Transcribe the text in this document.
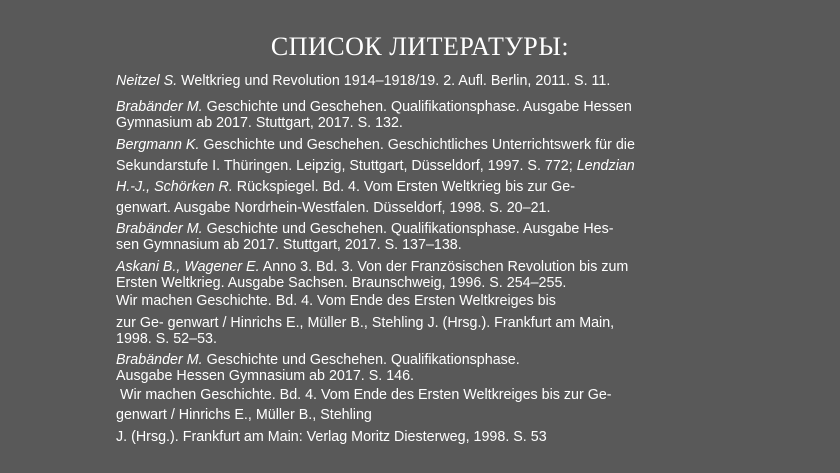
СПИСОК ЛИТЕРАТУРЫ:
Neitzel S. Weltkrieg und Revolution 1914–1918/19. 2. Aufl. Berlin, 2011. S. 11.
Brabänder M. Geschichte und Geschehen. Qualifikationsphase. Ausgabe Hessen
Gymnasium ab 2017. Stuttgart, 2017. S. 132.
Bergmann K. Geschichte und Geschehen. Geschichtliches Unterrichtswerk für die
Sekundarstufe I. Thüringen. Leipzig, Stuttgart, Düsseldorf, 1997. S. 772; Lendzian
H.-J., Schörken R. Rückspiegel. Bd. 4. Vom Ersten Weltkrieg bis zur Ge-
genwart. Ausgabe Nordrhein-Westfalen. Düsseldorf, 1998. S. 20–21.
Brabänder M. Geschichte und Geschehen. Qualifikationsphase. Ausgabe Hes-
sen Gymnasium ab 2017. Stuttgart, 2017. S. 137–138.
Askani B., Wagener E. Anno 3. Bd. 3. Von der Französischen Revolution bis zum
Ersten Weltkrieg. Ausgabe Sachsen. Braunschweig, 1996. S. 254–255.
Wir machen Geschichte. Bd. 4. Vom Ende des Ersten Weltkreiges bis
zur Ge- genwart / Hinrichs E., Müller B., Stehling J. (Hrsg.). Frankfurt am Main,
1998. S. 52–53.
Brabänder M. Geschichte und Geschehen. Qualifikationsphase.
Ausgabe Hessen Gymnasium ab 2017. S. 146.
Wir machen Geschichte. Bd. 4. Vom Ende des Ersten Weltkreiges bis zur Ge-
genwart / Hinrichs E., Müller B., Stehling
J. (Hrsg.). Frankfurt am Main: Verlag Moritz Diesterweg, 1998. S. 53
